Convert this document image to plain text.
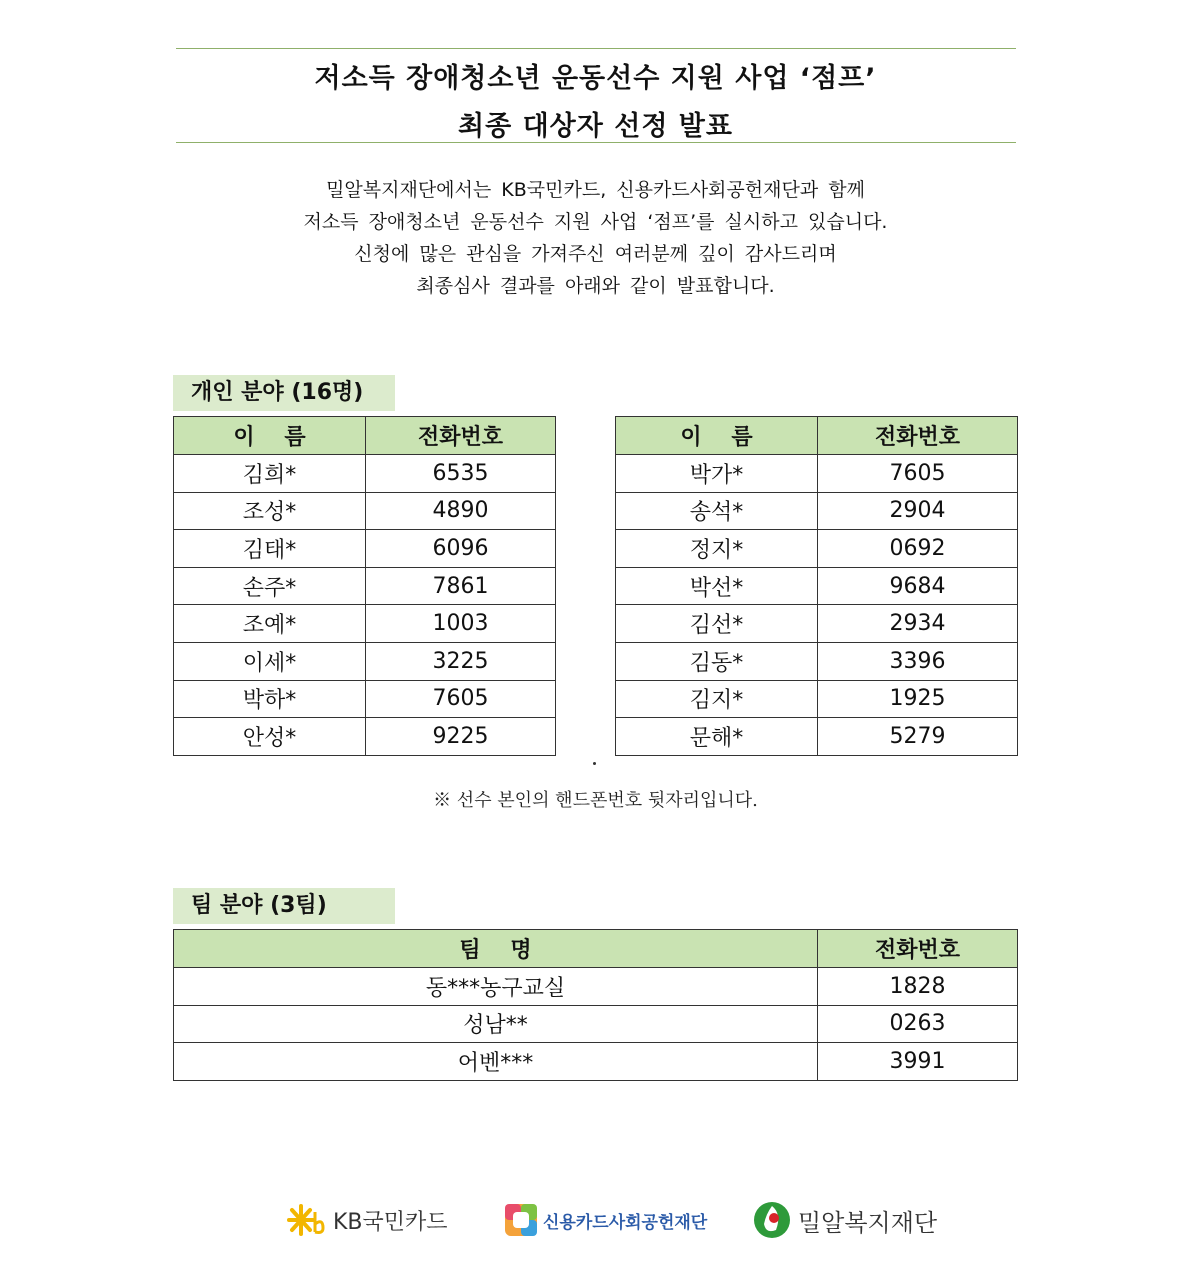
저소득 장애청소년 운동선수 지원 사업 ‘점프’
최종 대상자 선정 발표
밀알복지재단에서는 KB국민카드, 신용카드사회공헌재단과 함께
저소득 장애청소년 운동선수 지원 사업 ‘점프’를 실시하고 있습니다.
신청에 많은 관심을 가져주신 여러분께 깊이 감사드리며
최종심사 결과를 아래와 같이 발표합니다.
개인 분야 (16명)
이 름	전화번호
김희*	6535
조성*	4890
김태*	6096
손주*	7861
조예*	1003
이세*	3225
박하*	7605
안성*	9225
이 름	전화번호
박가*	7605
송석*	2904
정지*	0692
박선*	9684
김선*	2934
김동*	3396
김지*	1925
문해*	5279
※ 선수 본인의 핸드폰번호 뒷자리입니다.
팀 분야 (3팀)
팀 명	전화번호
동***농구교실	1828
성남**	0263
어벤***	3991
KB국민카드	신용카드사회공헌재단	밀알복지재단
